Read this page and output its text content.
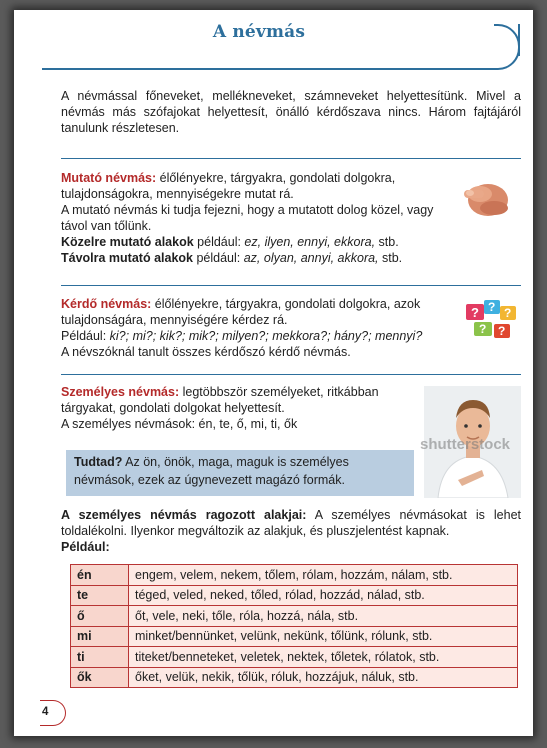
A névmás

A névmással főneveket, mellékneveket, számneveket helyettesítünk. Mivel a névmás más szófajokat helyettesít, önálló kérdőszava nincs. Három fajtájáról tanulunk részletesen.

Mutató névmás: élőlényekre, tárgyakra, gondolati dolgokra, tulajdonságokra, mennyiségekre mutat rá.
A mutató névmás ki tudja fejezni, hogy a mutatott dolog közel, vagy távol van tőlünk.
Közelre mutató alakok például: ez, ilyen, ennyi, ekkora, stb.
Távolra mutató alakok például: az, olyan, annyi, akkora, stb.
Kérdő névmás: élőlényekre, tárgyakra, gondolati dolgokra, azok tulajdonságára, mennyiségére kérdez rá.
Például: ki?; mi?; kik?; mik?; milyen?; mekkora?; hány?; mennyi?
A névszóknál tanult összes kérdőszó kérdő névmás.
? ? ?
? ?
Személyes névmás: legtöbbször személyeket, ritkábban tárgyakat, gondolati dolgokat helyettesít.
A személyes névmások: én, te, ő, mi, ti, ők
shutterstock
Tudtad? Az ön, önök, maga, maguk is személyes névmások, ezek az úgynevezett magázó formák.
A személyes névmás ragozott alakjai: A személyes névmásokat is lehet toldalékolni. Ilyenkor megváltozik az alakjuk, és pluszjelentést kapnak.
Például:
én	engem, velem, nekem, tőlem, rólam, hozzám, nálam, stb.
te	téged, veled, neked, tőled, rólad, hozzád, nálad, stb.
ő	őt, vele, neki, tőle, róla, hozzá, nála, stb.
mi	minket/bennünket, velünk, nekünk, tőlünk, rólunk, stb.
ti	titeket/benneteket, veletek, nektek, tőletek, rólatok, stb.
ők	őket, velük, nekik, tőlük, róluk, hozzájuk, náluk, stb.
4
